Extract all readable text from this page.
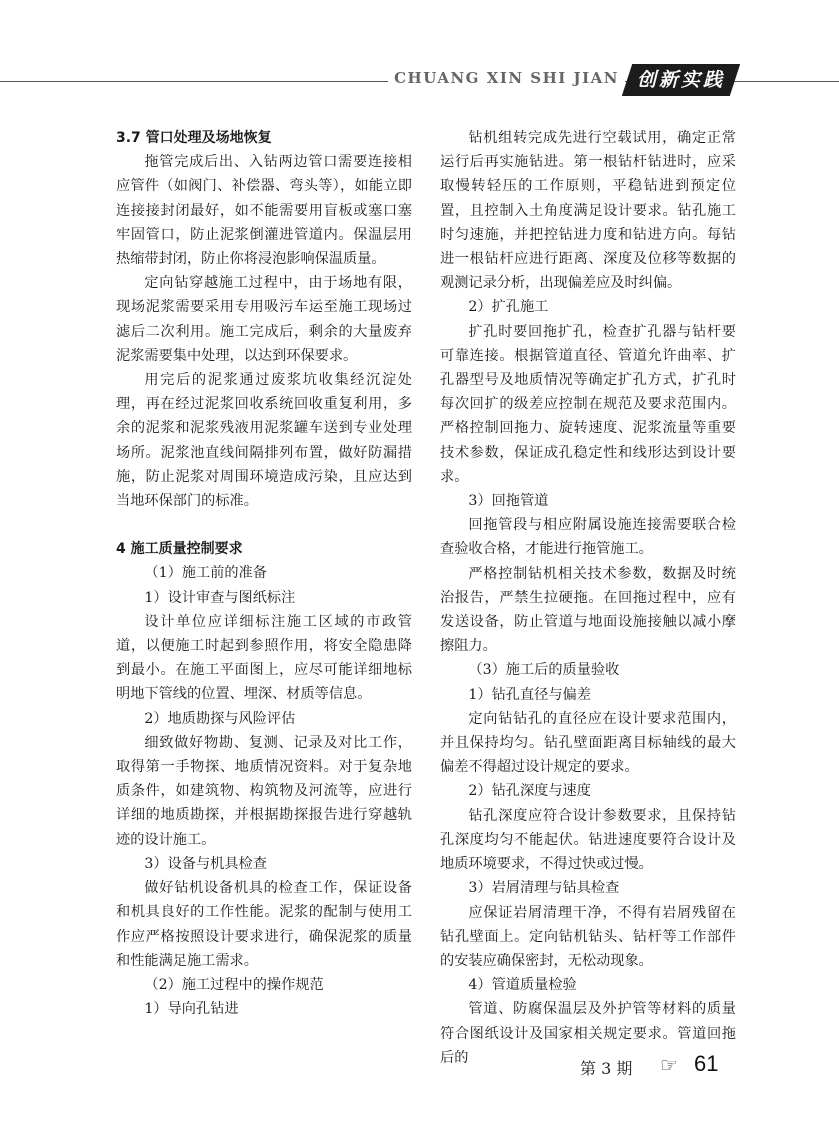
CHUANG XIN SHI JIAN 创新实践

3.7 管口处理及场地恢复

拖管完成后出、入钻两边管口需要连接相应管件（如阀门、补偿器、弯头等），如能立即连接接封闭最好，如不能需要用盲板或塞口塞牢固管口，防止泥浆倒灌进管道内。保温层用热缩带封闭，防止你将浸泡影响保温质量。

定向钻穿越施工过程中，由于场地有限，现场泥浆需要采用专用吸污车运至施工现场过滤后二次利用。施工完成后，剩余的大量废弃泥浆需要集中处理，以达到环保要求。

用完后的泥浆通过废浆坑收集经沉淀处理，再在经过泥浆回收系统回收重复利用，多余的泥浆和泥浆残液用泥浆罐车送到专业处理场所。泥浆池直线间隔排列布置，做好防漏措施，防止泥浆对周围环境造成污染，且应达到当地环保部门的标准。

4 施工质量控制要求

（1）施工前的准备

1）设计审查与图纸标注

设计单位应详细标注施工区域的市政管道，以便施工时起到参照作用，将安全隐患降到最小。在施工平面图上，应尽可能详细地标明地下管线的位置、埋深、材质等信息。

2）地质勘探与风险评估

细致做好物勘、复测、记录及对比工作，取得第一手物探、地质情况资料。对于复杂地质条件，如建筑物、构筑物及河流等，应进行详细的地质勘探，并根据勘探报告进行穿越轨迹的设计施工。

3）设备与机具检查

做好钻机设备机具的检查工作，保证设备和机具良好的工作性能。泥浆的配制与使用工作应严格按照设计要求进行，确保泥浆的质量和性能满足施工需求。

（2）施工过程中的操作规范

1）导向孔钻进

钻机组转完成先进行空载试用，确定正常运行后再实施钻进。第一根钻杆钻进时，应采取慢转轻压的工作原则，平稳钻进到预定位置，且控制入土角度满足设计要求。钻孔施工时匀速施，并把控钻进力度和钻进方向。每钻进一根钻杆应进行距离、深度及位移等数据的观测记录分析，出现偏差应及时纠偏。

2）扩孔施工

扩孔时要回拖扩孔，检查扩孔器与钻杆要可靠连接。根据管道直径、管道允许曲率、扩孔器型号及地质情况等确定扩孔方式，扩孔时每次回扩的级差应控制在规范及要求范围内。严格控制回拖力、旋转速度、泥浆流量等重要技术参数，保证成孔稳定性和线形达到设计要求。

3）回拖管道

回拖管段与相应附属设施连接需要联合检查验收合格，才能进行拖管施工。

严格控制钻机相关技术参数，数据及时统治报告，严禁生拉硬拖。在回拖过程中，应有发送设备，防止管道与地面设施接触以减小摩擦阻力。

（3）施工后的质量验收

1）钻孔直径与偏差

定向钻钻孔的直径应在设计要求范围内，并且保持均匀。钻孔壁面距离目标轴线的最大偏差不得超过设计规定的要求。

2）钻孔深度与速度

钻孔深度应符合设计参数要求，且保持钻孔深度均匀不能起伏。钻进速度要符合设计及地质环境要求，不得过快或过慢。

3）岩屑清理与钻具检查

应保证岩屑清理干净，不得有岩屑残留在钻孔壁面上。定向钻机钻头、钻杆等工作部件的安装应确保密封，无松动现象。

4）管道质量检验

管道、防腐保温层及外护管等材料的质量符合图纸设计及国家相关规定要求。管道回拖后的

第 3 期 ☞ 61
